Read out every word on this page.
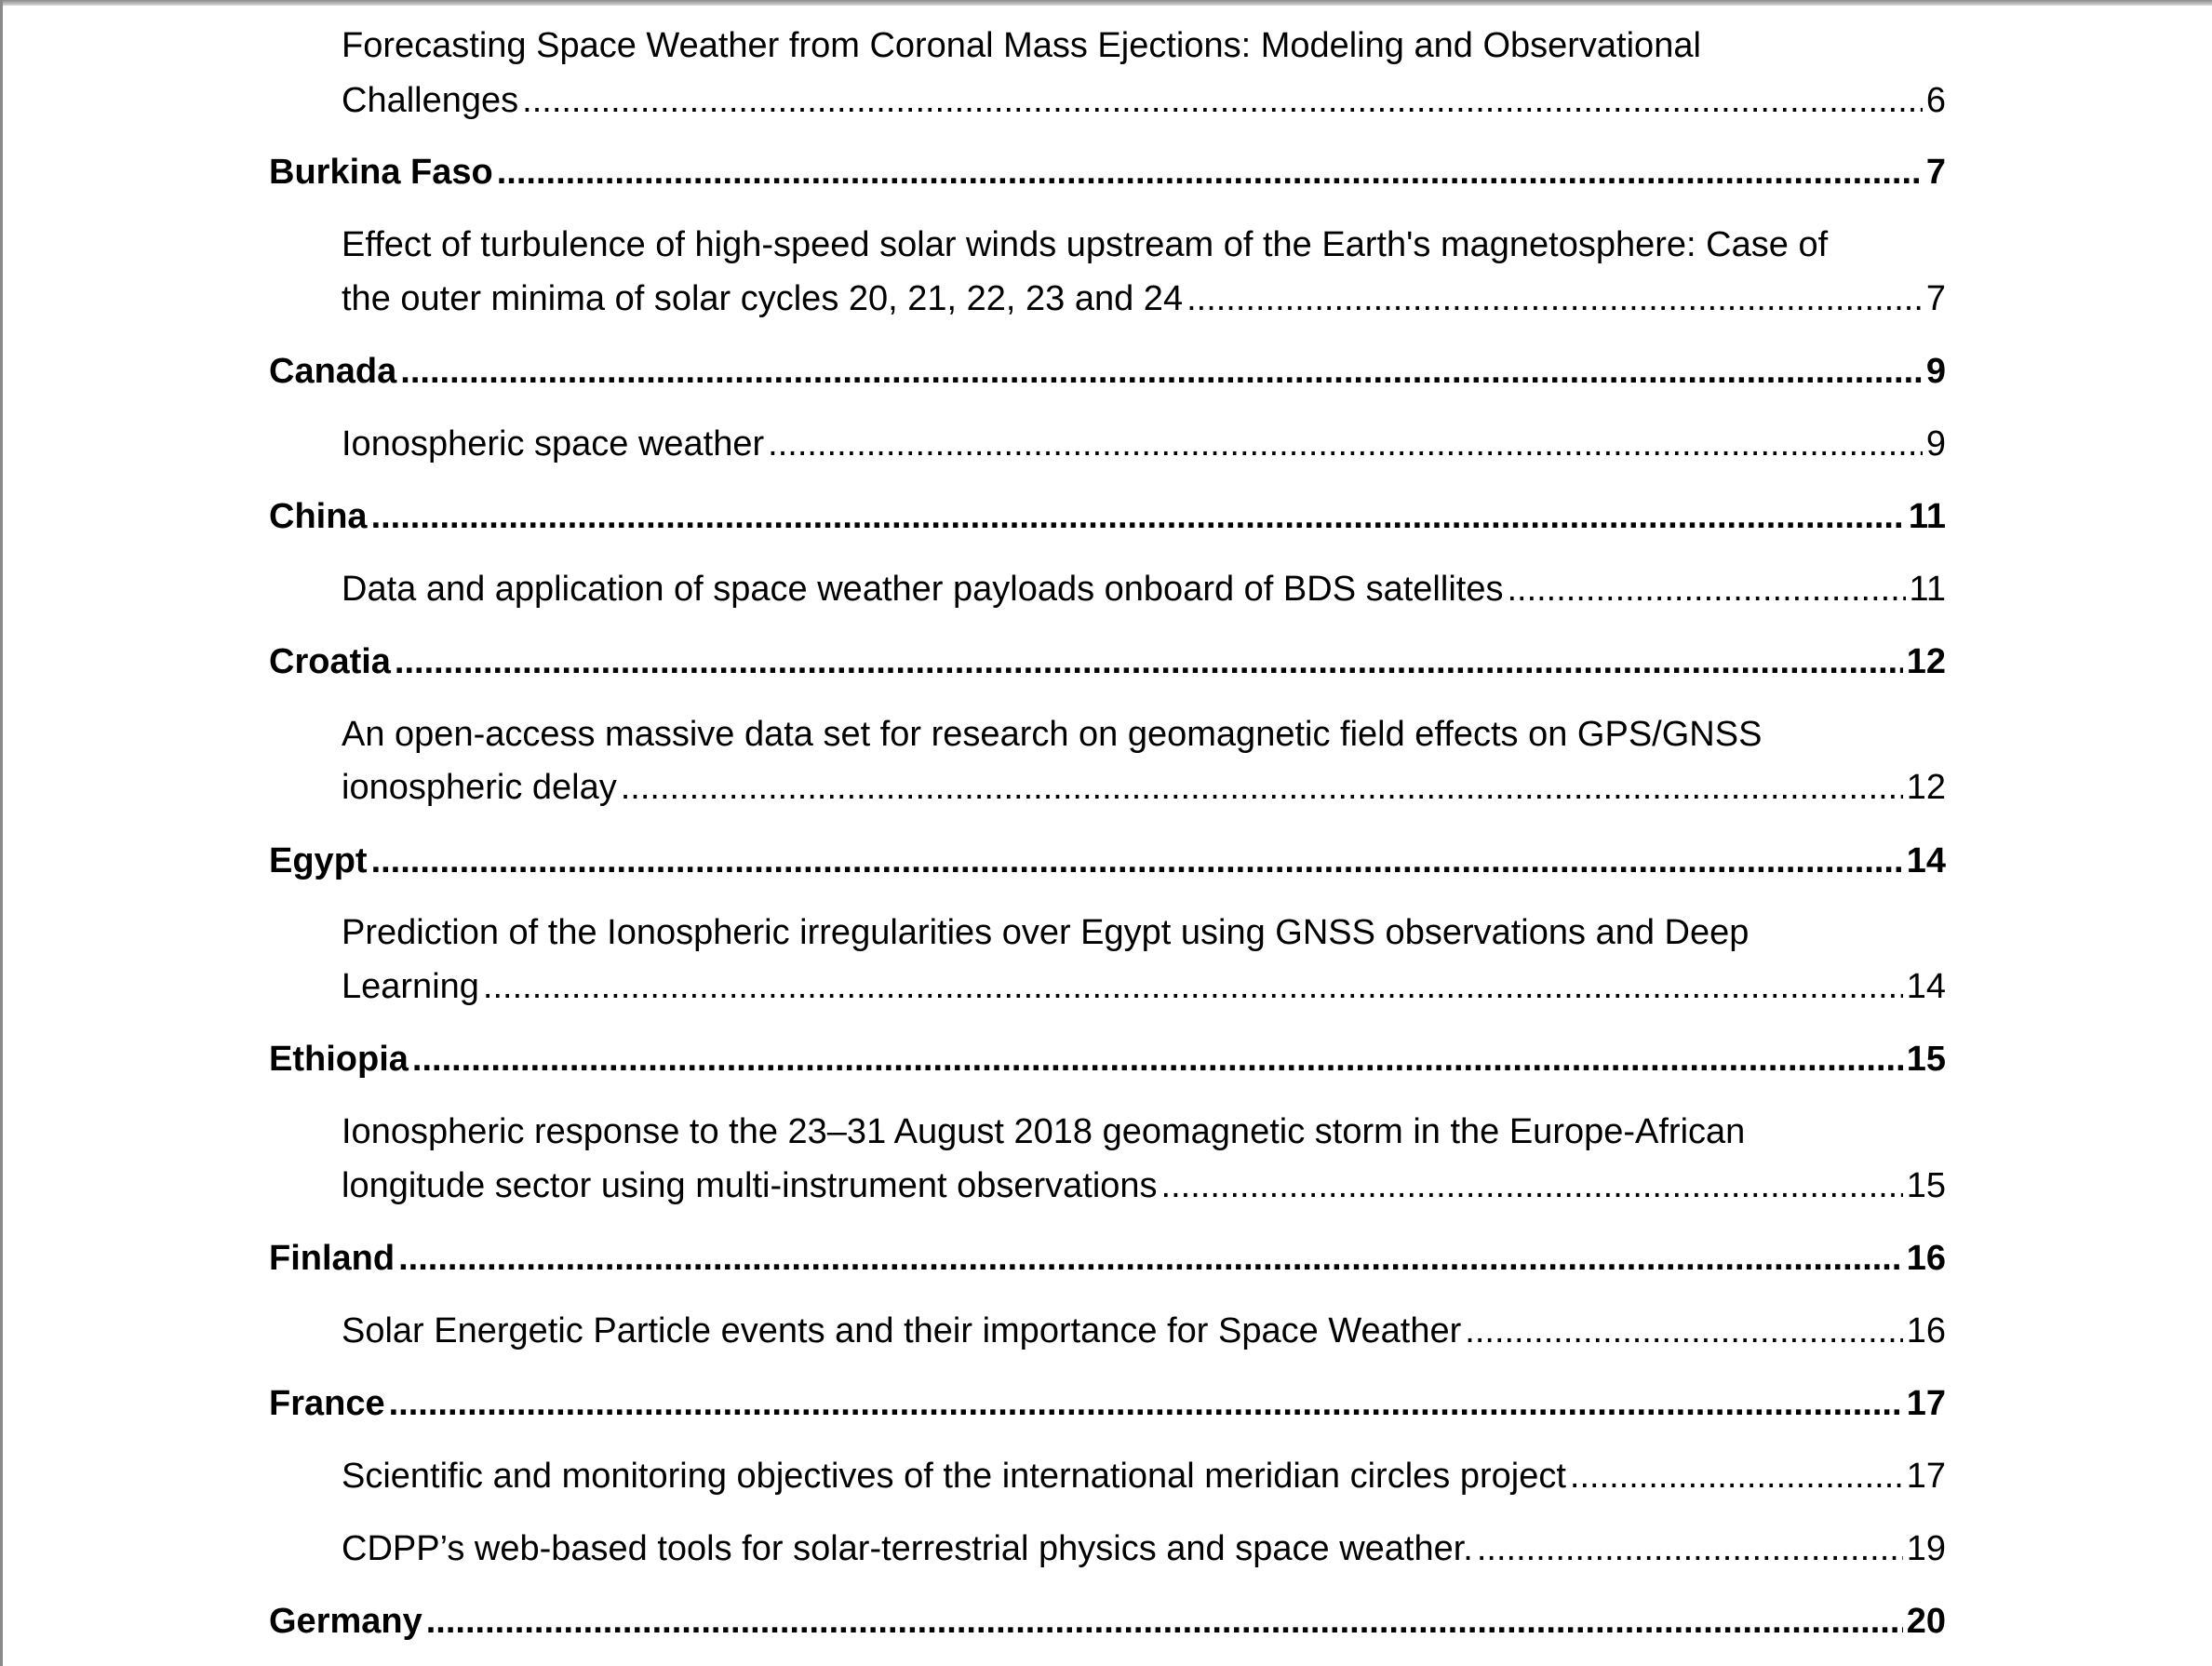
Forecasting Space Weather from Coronal Mass Ejections: Modeling and Observational
Challenges .....	6
Burkina Faso .....	7
Effect of turbulence of high-speed solar winds upstream of the Earth's magnetosphere: Case of
the outer minima of solar cycles 20, 21, 22, 23 and 24 .....	7
Canada .....	9
Ionospheric space weather .....	9
China .....	11
Data and application of space weather payloads onboard of BDS satellites .....	11
Croatia .....	12
An open-access massive data set for research on geomagnetic field effects on GPS/GNSS
ionospheric delay .....	12
Egypt .....	14
Prediction of the Ionospheric irregularities over Egypt using GNSS observations and Deep
Learning .....	14
Ethiopia .....	15
Ionospheric response to the 23–31 August 2018 geomagnetic storm in the Europe-African
longitude sector using multi-instrument observations .....	15
Finland .....	16
Solar Energetic Particle events and their importance for Space Weather .....	16
France .....	17
Scientific and monitoring objectives of the international meridian circles project .....	17
CDPP’s web-based tools for solar-terrestrial physics and space weather. .....	19
Germany .....	20
